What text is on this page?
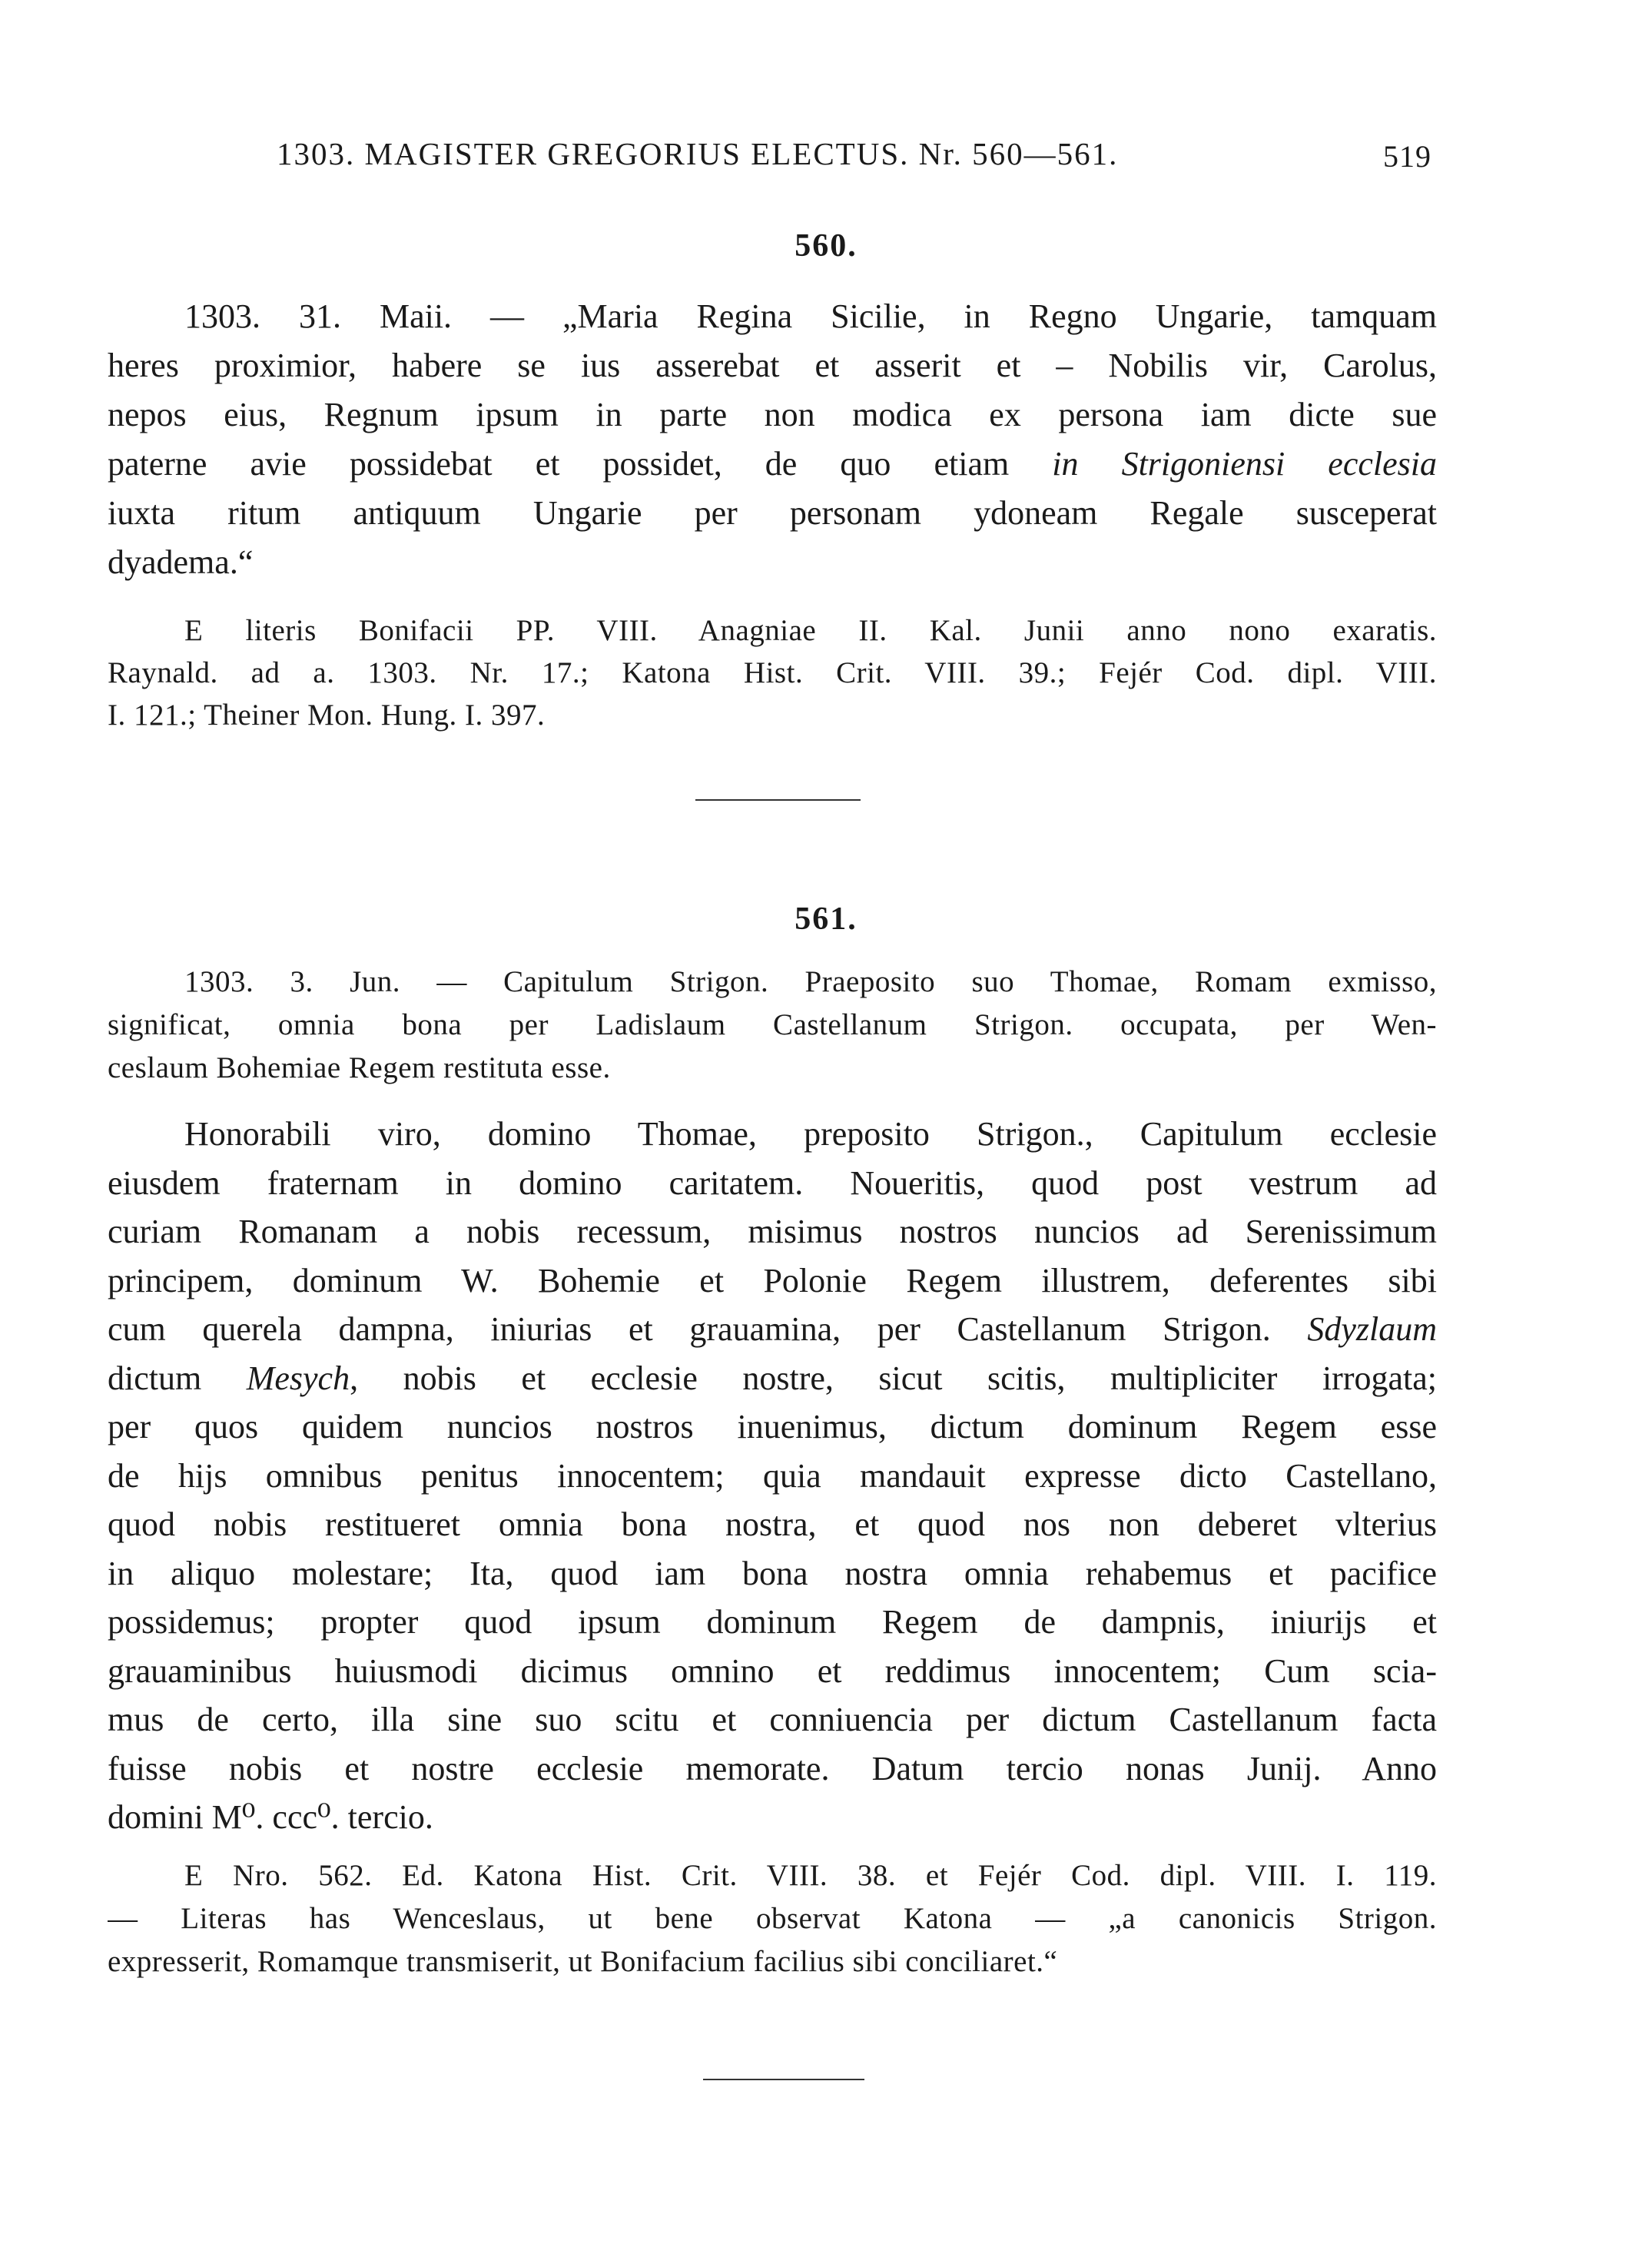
1303. MAGISTER GREGORIUS ELECTUS. Nr. 560—561.	519
560.
1303. 31. Maii. — „Maria Regina Sicilie, in Regno Ungarie, tamquam
heres proximior, habere se ius asserebat et asserit et – Nobilis vir, Carolus,
nepos eius, Regnum ipsum in parte non modica ex persona iam dicte sue
paterne avie possidebat et possidet, de quo etiam in Strigoniensi ecclesia
iuxta ritum antiquum Ungarie per personam ydoneam Regale susceperat
dyadema.“
E literis Bonifacii PP. VIII. Anagniae II. Kal. Junii anno nono exaratis.
Raynald. ad a. 1303. Nr. 17.; Katona Hist. Crit. VIII. 39.; Fejér Cod. dipl. VIII.
I. 121.; Theiner Mon. Hung. I. 397.
561.
1303. 3. Jun. — Capitulum Strigon. Praeposito suo Thomae, Romam exmisso,
significat, omnia bona per Ladislaum Castellanum Strigon. occupata, per Wen-
ceslaum Bohemiae Regem restituta esse.
Honorabili viro, domino Thomae, preposito Strigon., Capitulum ecclesie
eiusdem fraternam in domino caritatem. Noueritis, quod post vestrum ad
curiam Romanam a nobis recessum, misimus nostros nuncios ad Serenissimum
principem, dominum W. Bohemie et Polonie Regem illustrem, deferentes sibi
cum querela dampna, iniurias et grauamina, per Castellanum Strigon. Sdyzlaum
dictum Mesych, nobis et ecclesie nostre, sicut scitis, multipliciter irrogata;
per quos quidem nuncios nostros inuenimus, dictum dominum Regem esse
de hijs omnibus penitus innocentem; quia mandauit expresse dicto Castellano,
quod nobis restitueret omnia bona nostra, et quod nos non deberet vlterius
in aliquo molestare; Ita, quod iam bona nostra omnia rehabemus et pacifice
possidemus; propter quod ipsum dominum Regem de dampnis, iniurijs et
grauaminibus huiusmodi dicimus omnino et reddimus innocentem; Cum scia-
mus de certo, illa sine suo scitu et conniuencia per dictum Castellanum facta
fuisse nobis et nostre ecclesie memorate. Datum tercio nonas Junij. Anno
domini M⁰. ccc⁰. tercio.
E Nro. 562. Ed. Katona Hist. Crit. VIII. 38. et Fejér Cod. dipl. VIII. I. 119.
— Literas has Wenceslaus, ut bene observat Katona — „a canonicis Strigon.
expresserit, Romamque transmiserit, ut Bonifacium facilius sibi conciliaret.“
